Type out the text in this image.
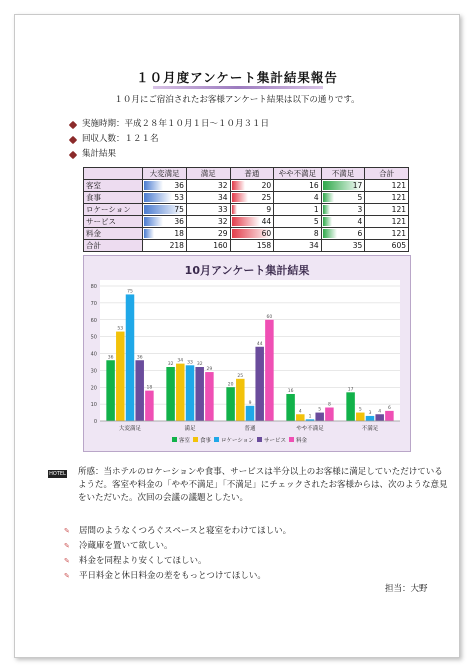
１０月度アンケート集計結果報告
１０月にご宿泊されたお客様アンケート結果は以下の通りです。
実施時期：平成２８年１０月１日～１０月３１日
回収人数：１２１名
集計結果
	大変満足	満足	普通	やや不満足	不満足	合計
客室	36	32	20	16	17	121
食事	53	34	25	4	5	121
ロケーション	75	33	9	1	3	121
サービス	36	32	44	5	4	121
料金	18	29	60	8	6	121
合計	218	160	158	34	35	605
10月アンケート集計結果
0
10
20
30
40
50
60
70
80
36
53
75
36
18
大変満足
32
34 33 32
29
満足
20
25
9
44
60
普通
16
4
1
5
8
やや不満足
17
5
3 4
6
不満足
客室 食事 ロケーション サービス 料金
HOTEL 所感：当ホテルのロケーションや食事、サービスは半分以上のお客様に満足していただけているようだ。客室や料金の「やや不満足」「不満足」にチェックされたお客様からは、次のような意見をいただいた。次回の会議の議題としたい。
✎	居間のようなくつろぐスペースと寝室をわけてほしい。
✎	冷蔵庫を置いて欲しい。
✎	料金を同程より安くしてほしい。
✎	平日料金と休日料金の差をもっとつけてほしい。
担当：大野
